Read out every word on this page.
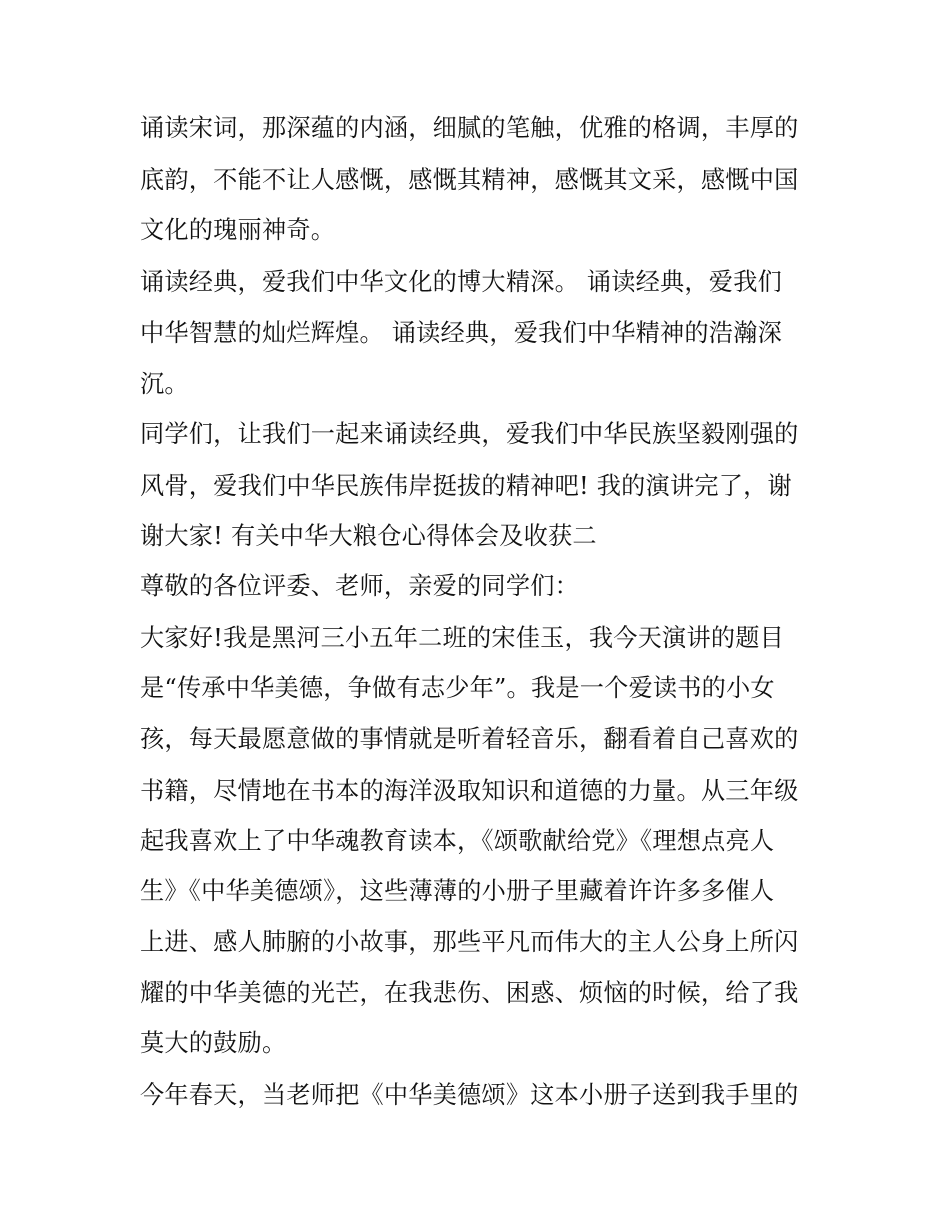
诵读宋词，那深蕴的内涵，细腻的笔触，优雅的格调，丰厚的

底韵，不能不让人感慨，感慨其精神，感慨其文采，感慨中国

文化的瑰丽神奇。

诵读经典，爱我们中华文化的博大精深。 诵读经典，爱我们

中华智慧的灿烂辉煌。 诵读经典，爱我们中华精神的浩瀚深

沉。

同学们，让我们一起来诵读经典，爱我们中华民族坚毅刚强的

风骨，爱我们中华民族伟岸挺拔的精神吧! 我的演讲完了，谢

谢大家! 有关中华大粮仓心得体会及收获二

尊敬的各位评委、老师，亲爱的同学们：

大家好!我是黑河三小五年二班的宋佳玉，我今天演讲的题目

是“传承中华美德，争做有志少年”。我是一个爱读书的小女

孩，每天最愿意做的事情就是听着轻音乐，翻看着自己喜欢的

书籍，尽情地在书本的海洋汲取知识和道德的力量。从三年级

起我喜欢上了中华魂教育读本，《颂歌献给党》《理想点亮人

生》《中华美德颂》，这些薄薄的小册子里藏着许许多多催人

上进、感人肺腑的小故事，那些平凡而伟大的主人公身上所闪

耀的中华美德的光芒，在我悲伤、困惑、烦恼的时候，给了我

莫大的鼓励。

今年春天，当老师把《中华美德颂》这本小册子送到我手里的
